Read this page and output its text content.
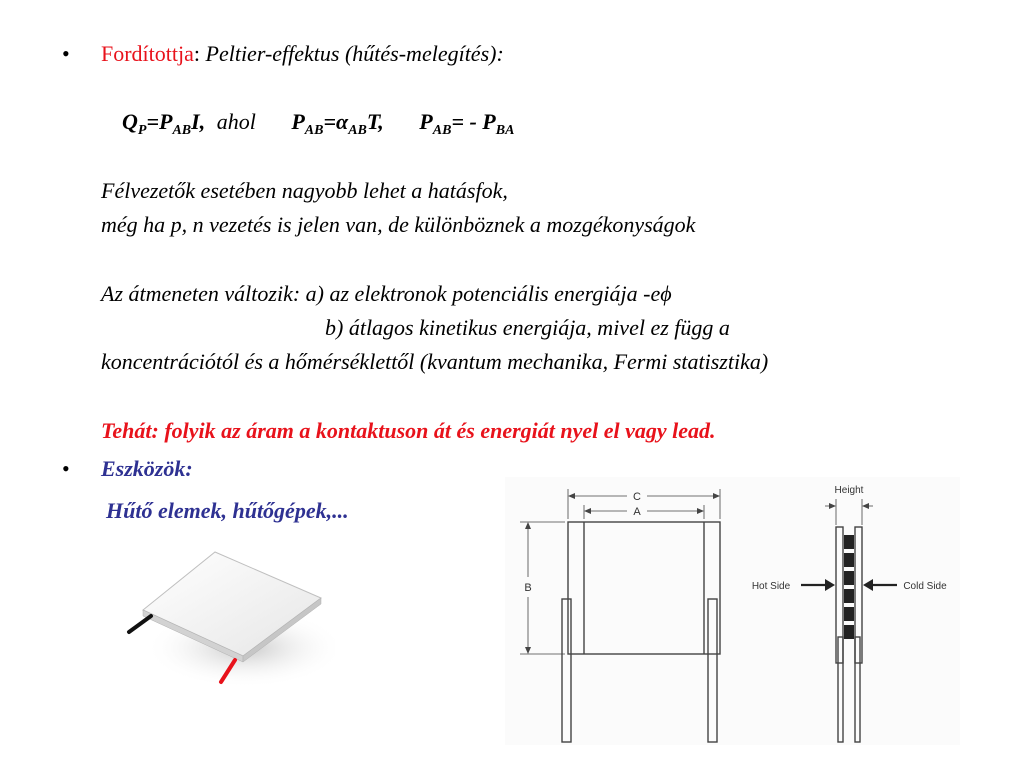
• Fordítottja: Peltier-effektus (hűtés-melegítés):
$Q_P=P_{AB}I$, ahol $P_{AB}=\alpha_{AB}T$, $P_{AB}= - P_{BA}$
Félvezetők esetében nagyobb lehet a hatásfok,
még ha p, n vezetés is jelen van, de különböznek a mozgékonyságok
Az átmeneten változik: a) az elektronok potenciális energiája -eϕ
b) átlagos kinetikus energiája, mivel ez függ a
koncentrációtól és a hőmérséklettől (kvantum mechanika, Fermi statisztika)
Tehát: folyik az áram a kontaktuson át és energiát nyel el vagy lead.
• Eszközök:
Hűtő elemek, hűtőgépek,...
C
A
B
Height
Hot Side	Cold Side
